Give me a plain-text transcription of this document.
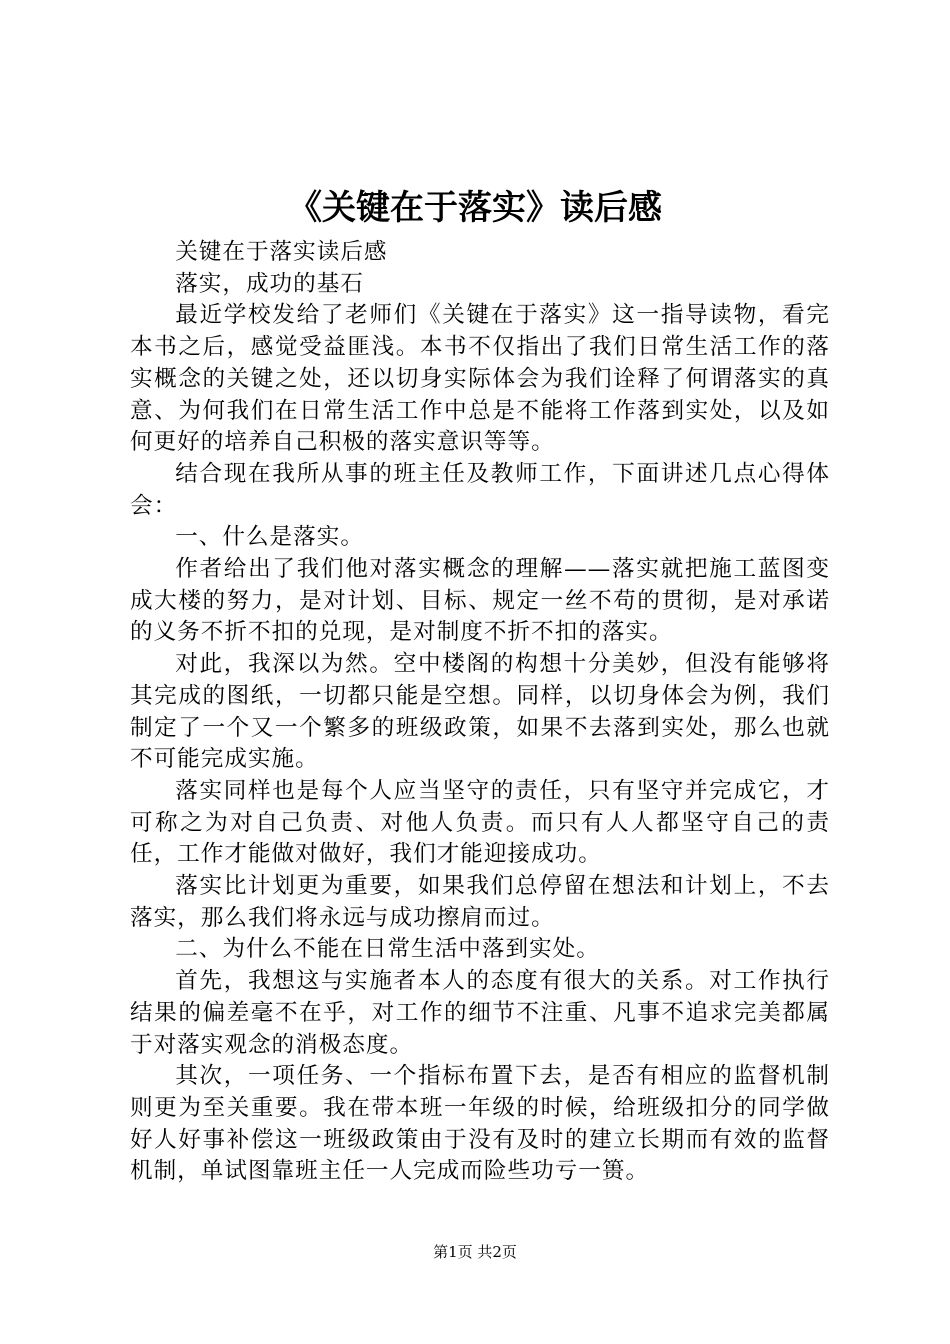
《关键在于落实》读后感

关键在于落实读后感

落实，成功的基石

最近学校发给了老师们《关键在于落实》这一指导读物，看完本书之后，感觉受益匪浅。本书不仅指出了我们日常生活工作的落实概念的关键之处，还以切身实际体会为我们诠释了何谓落实的真意、为何我们在日常生活工作中总是不能将工作落到实处，以及如何更好的培养自己积极的落实意识等等。

结合现在我所从事的班主任及教师工作，下面讲述几点心得体会：

一、什么是落实。

作者给出了我们他对落实概念的理解——落实就把施工蓝图变成大楼的努力，是对计划、目标、规定一丝不苟的贯彻，是对承诺的义务不折不扣的兑现，是对制度不折不扣的落实。

对此，我深以为然。空中楼阁的构想十分美妙，但没有能够将其完成的图纸，一切都只能是空想。同样，以切身体会为例，我们制定了一个又一个繁多的班级政策，如果不去落到实处，那么也就不可能完成实施。

落实同样也是每个人应当坚守的责任，只有坚守并完成它，才可称之为对自己负责、对他人负责。而只有人人都坚守自己的责任，工作才能做对做好，我们才能迎接成功。

落实比计划更为重要，如果我们总停留在想法和计划上，不去落实，那么我们将永远与成功擦肩而过。

二、为什么不能在日常生活中落到实处。

首先，我想这与实施者本人的态度有很大的关系。对工作执行结果的偏差毫不在乎，对工作的细节不注重、凡事不追求完美都属于对落实观念的消极态度。

其次，一项任务、一个指标布置下去，是否有相应的监督机制则更为至关重要。我在带本班一年级的时候，给班级扣分的同学做好人好事补偿这一班级政策由于没有及时的建立长期而有效的监督机制，单试图靠班主任一人完成而险些功亏一篑。

第1页 共2页
